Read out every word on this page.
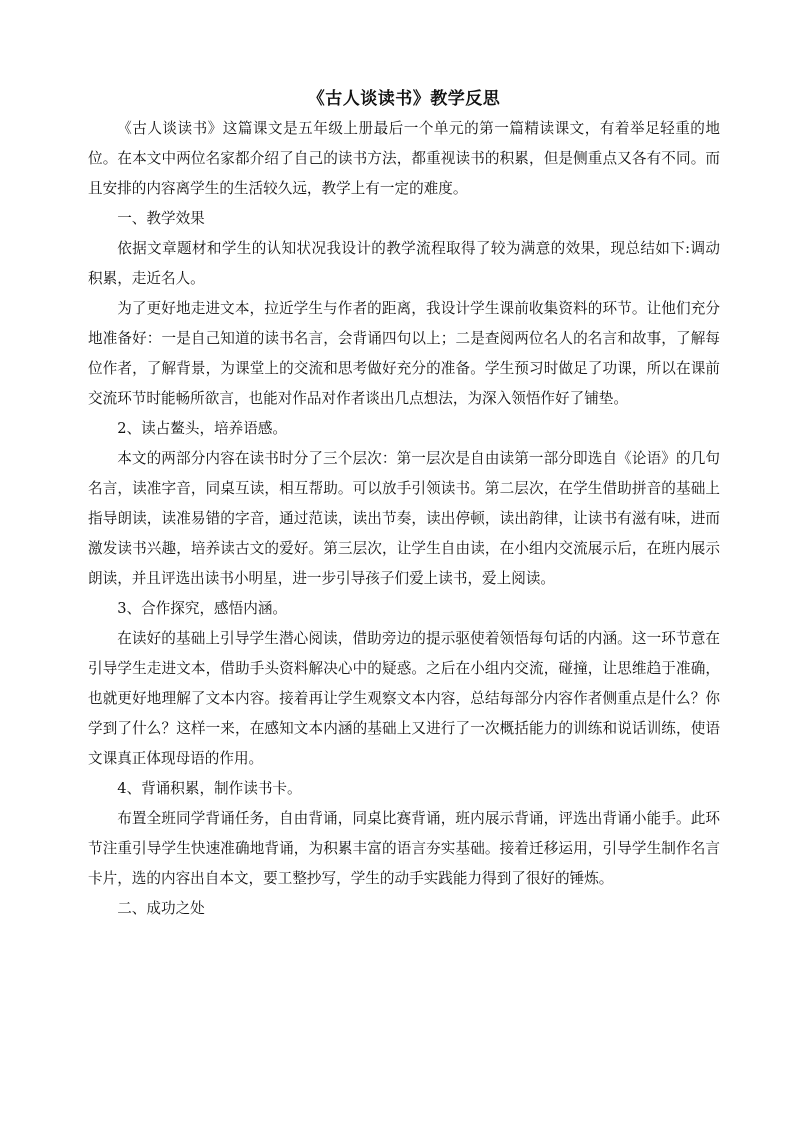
《古人谈读书》教学反思

《古人谈读书》这篇课文是五年级上册最后一个单元的第一篇精读课文，有着举足轻重的地位。在本文中两位名家都介绍了自己的读书方法，都重视读书的积累，但是侧重点又各有不同。而且安排的内容离学生的生活较久远，教学上有一定的难度。

一、教学效果

依据文章题材和学生的认知状况我设计的教学流程取得了较为满意的效果，现总结如下:调动积累，走近名人。

为了更好地走进文本，拉近学生与作者的距离，我设计学生课前收集资料的环节。让他们充分地准备好：一是自己知道的读书名言，会背诵四句以上；二是查阅两位名人的名言和故事，了解每位作者，了解背景，为课堂上的交流和思考做好充分的准备。学生预习时做足了功课，所以在课前交流环节时能畅所欲言，也能对作品对作者谈出几点想法，为深入领悟作好了铺垫。

2、读占鳌头，培养语感。

本文的两部分内容在读书时分了三个层次：第一层次是自由读第一部分即选自《论语》的几句名言，读准字音，同桌互读，相互帮助。可以放手引领读书。第二层次，在学生借助拼音的基础上指导朗读，读准易错的字音，通过范读，读出节奏，读出停顿，读出韵律，让读书有滋有味，进而激发读书兴趣，培养读古文的爱好。第三层次，让学生自由读，在小组内交流展示后，在班内展示朗读，并且评选出读书小明星，进一步引导孩子们爱上读书，爱上阅读。

3、合作探究，感悟内涵。

在读好的基础上引导学生潜心阅读，借助旁边的提示驱使着领悟每句话的内涵。这一环节意在引导学生走进文本，借助手头资料解决心中的疑惑。之后在小组内交流，碰撞，让思维趋于准确，也就更好地理解了文本内容。接着再让学生观察文本内容，总结每部分内容作者侧重点是什么？你学到了什么？这样一来，在感知文本内涵的基础上又进行了一次概括能力的训练和说话训练，使语文课真正体现母语的作用。

4、背诵积累，制作读书卡。

布置全班同学背诵任务，自由背诵，同桌比赛背诵，班内展示背诵，评选出背诵小能手。此环节注重引导学生快速准确地背诵，为积累丰富的语言夯实基础。接着迁移运用，引导学生制作名言卡片，选的内容出自本文，要工整抄写，学生的动手实践能力得到了很好的锤炼。

二、成功之处
